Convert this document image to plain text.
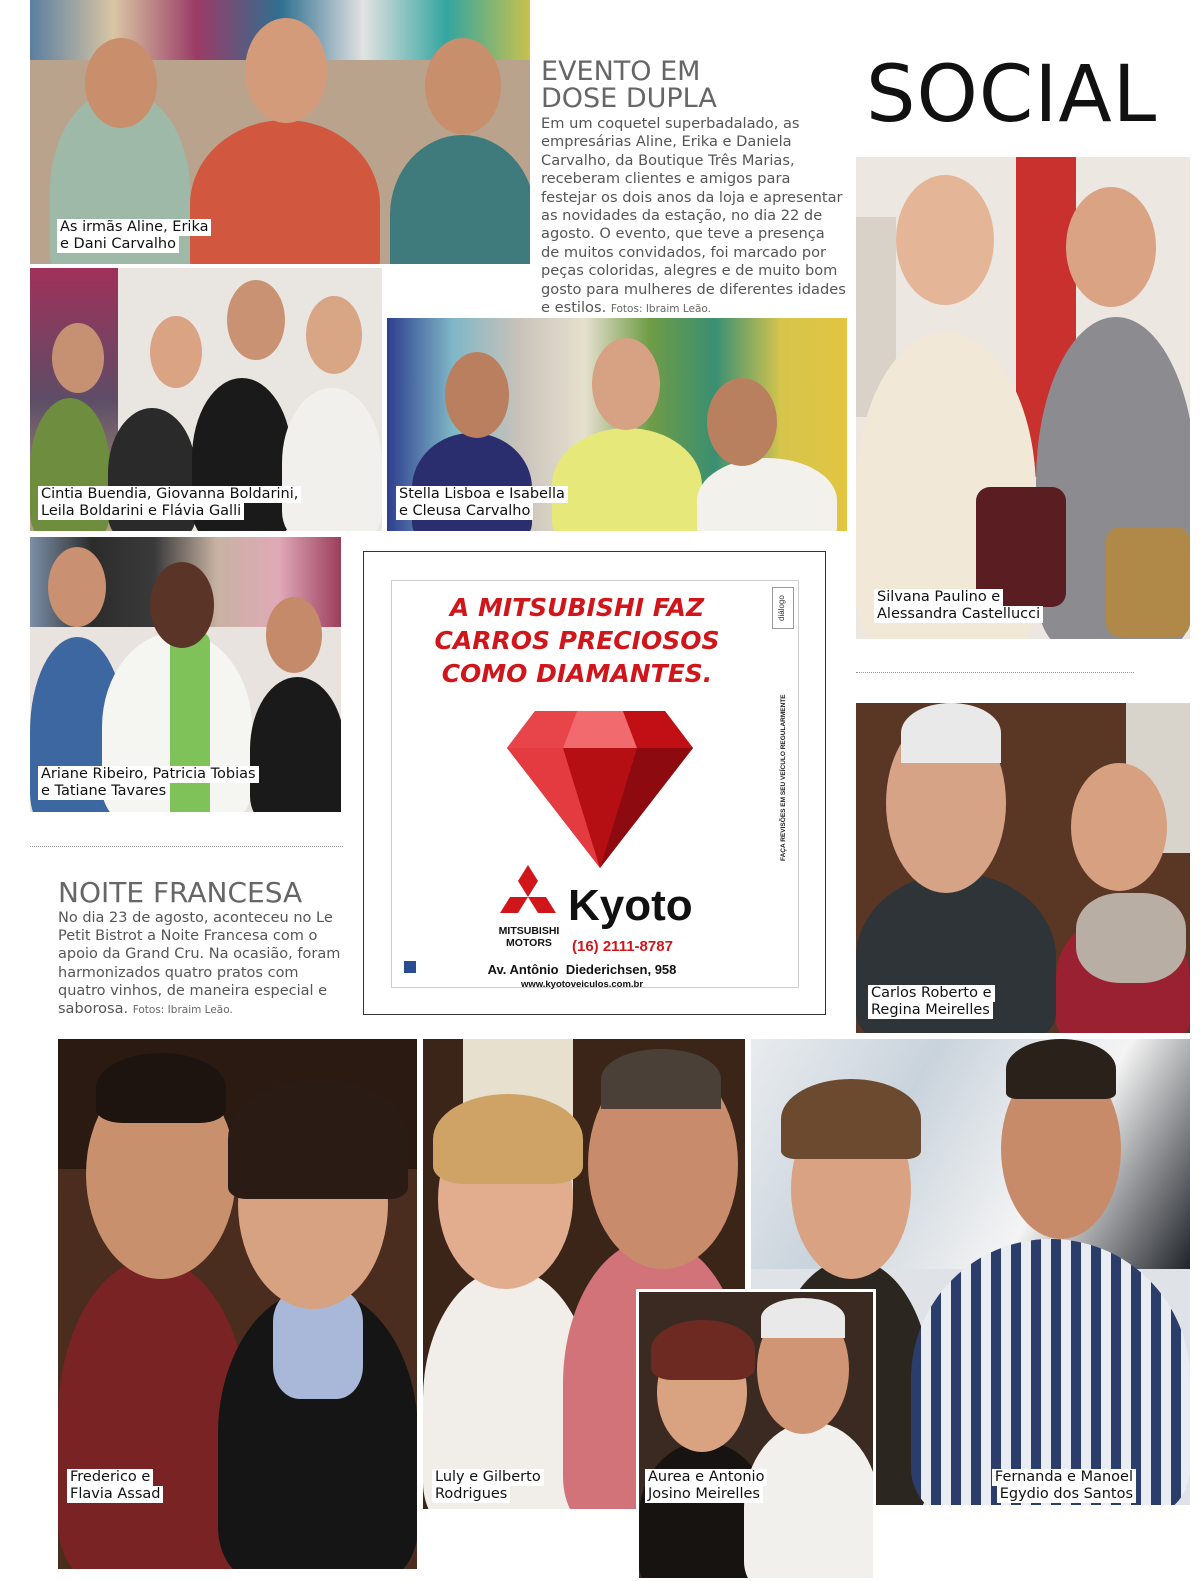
SOCIAL
As irmãs Aline, Erika
e Dani Carvalho
EVENTO EM
DOSE DUPLA
Em um coquetel superbadalado, as empresárias Aline, Erika e Daniela Carvalho, da Boutique Três Marias, receberam clientes e amigos para festejar os dois anos da loja e apresentar as novidades da estação, no dia 22 de agosto. O evento, que teve a presença de muitos convidados, foi marcado por peças coloridas, alegres e de muito bom gosto para mulheres de diferentes idades e estilos. Fotos: Ibraim Leão.
Cintia Buendia, Giovanna Boldarini,
Leila Boldarini e Flávia Galli
Stella Lisboa e Isabella
e Cleusa Carvalho
Ariane Ribeiro, Patricia Tobias
e Tatiane Tavares
Silvana Paulino e
Alessandra Castellucci
Carlos Roberto e
Regina Meirelles
A MITSUBISHI FAZ
CARROS PRECIOSOS
COMO DIAMANTES.
diálogo
FAÇA REVISÕES EM SEU VEÍCULO REGULARMENTE
MITSUBISHI
MOTORS
Kyoto
(16) 2111-8787
Av. Antônio  Diederichsen, 958
www.kyotoveiculos.com.br
NOITE FRANCESA
No dia 23 de agosto, aconteceu no Le Petit Bistrot a Noite Francesa com o apoio da Grand Cru. Na ocasião, foram harmonizados quatro pratos com quatro vinhos, de maneira especial e saborosa. Fotos: Ibraim Leão.
Frederico e
Flavia Assad
Luly e Gilberto
Rodrigues
Fernanda e Manoel
Egydio dos Santos
Aurea e Antonio
Josino Meirelles
